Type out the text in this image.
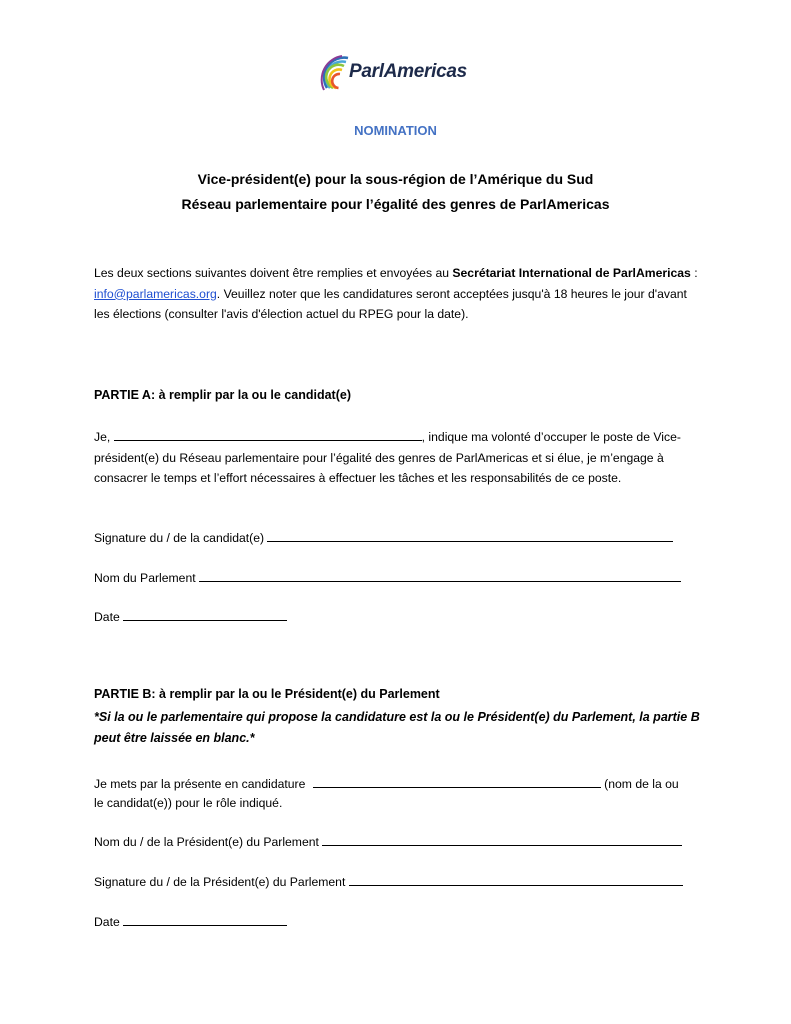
ParlAmericas
NOMINATION
Vice-président(e) pour la sous-région de l’Amérique du Sud
Réseau parlementaire pour l’égalité des genres de ParlAmericas
Les deux sections suivantes doivent être remplies et envoyées au Secrétariat International de ParlAmericas : info@parlamericas.org. Veuillez noter que les candidatures seront acceptées jusqu'à 18 heures le jour d'avant les élections (consulter l'avis d'élection actuel du RPEG pour la date).
PARTIE A: à remplir par la ou le candidat(e)
Je,	, indique ma volonté d’occuper le poste de Vice-président(e) du Réseau parlementaire pour l’égalité des genres de ParlAmericas et si élue, je m’engage à consacrer le temps et l’effort nécessaires à effectuer les tâches et les responsabilités de ce poste.
Signature du / de la candidat(e)
Nom du Parlement
Date
PARTIE B: à remplir par la ou le Président(e) du Parlement
*Si la ou le parlementaire qui propose la candidature est la ou le Président(e) du Parlement, la partie B peut être laissée en blanc.*
Je mets par la présente en candidature	(nom de la ou
le candidat(e)) pour le rôle indiqué.
Nom du / de la Président(e) du Parlement
Signature du / de la Président(e) du Parlement
Date
